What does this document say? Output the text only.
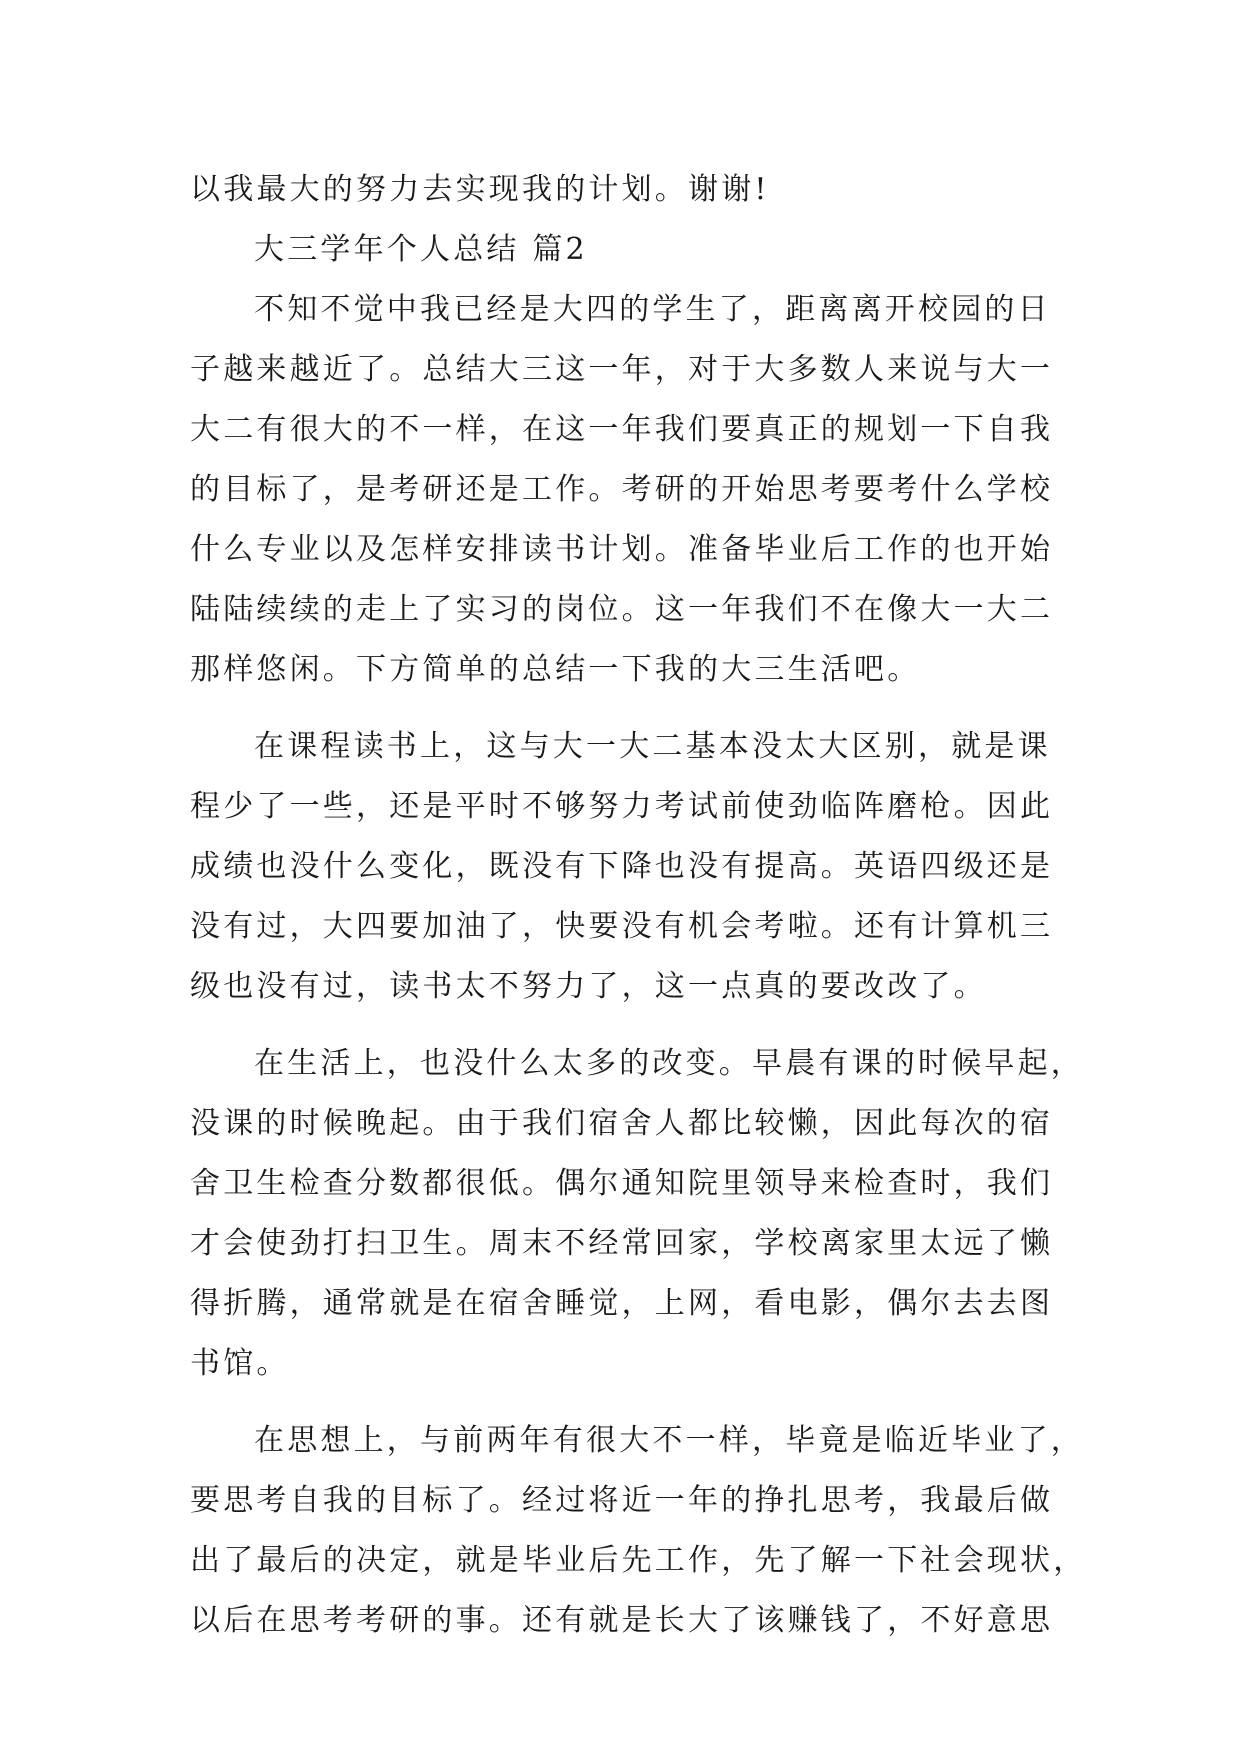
以我最大的努力去实现我的计划。谢谢!

大三学年个人总结 篇2

不知不觉中我已经是大四的学生了，距离离开校园的日

子越来越近了。总结大三这一年，对于大多数人来说与大一

大二有很大的不一样，在这一年我们要真正的规划一下自我

的目标了，是考研还是工作。考研的开始思考要考什么学校

什么专业以及怎样安排读书计划。准备毕业后工作的也开始

陆陆续续的走上了实习的岗位。这一年我们不在像大一大二

那样悠闲。下方简单的总结一下我的大三生活吧。

在课程读书上，这与大一大二基本没太大区别，就是课

程少了一些，还是平时不够努力考试前使劲临阵磨枪。因此

成绩也没什么变化，既没有下降也没有提高。英语四级还是

没有过，大四要加油了，快要没有机会考啦。还有计算机三

级也没有过，读书太不努力了，这一点真的要改改了。

在生活上，也没什么太多的改变。早晨有课的时候早起，

没课的时候晚起。由于我们宿舍人都比较懒，因此每次的宿

舍卫生检查分数都很低。偶尔通知院里领导来检查时，我们

才会使劲打扫卫生。周末不经常回家，学校离家里太远了懒

得折腾，通常就是在宿舍睡觉，上网，看电影，偶尔去去图

书馆。

在思想上，与前两年有很大不一样，毕竟是临近毕业了，

要思考自我的目标了。经过将近一年的挣扎思考，我最后做

出了最后的决定，就是毕业后先工作，先了解一下社会现状，

以后在思考考研的事。还有就是长大了该赚钱了，不好意思
